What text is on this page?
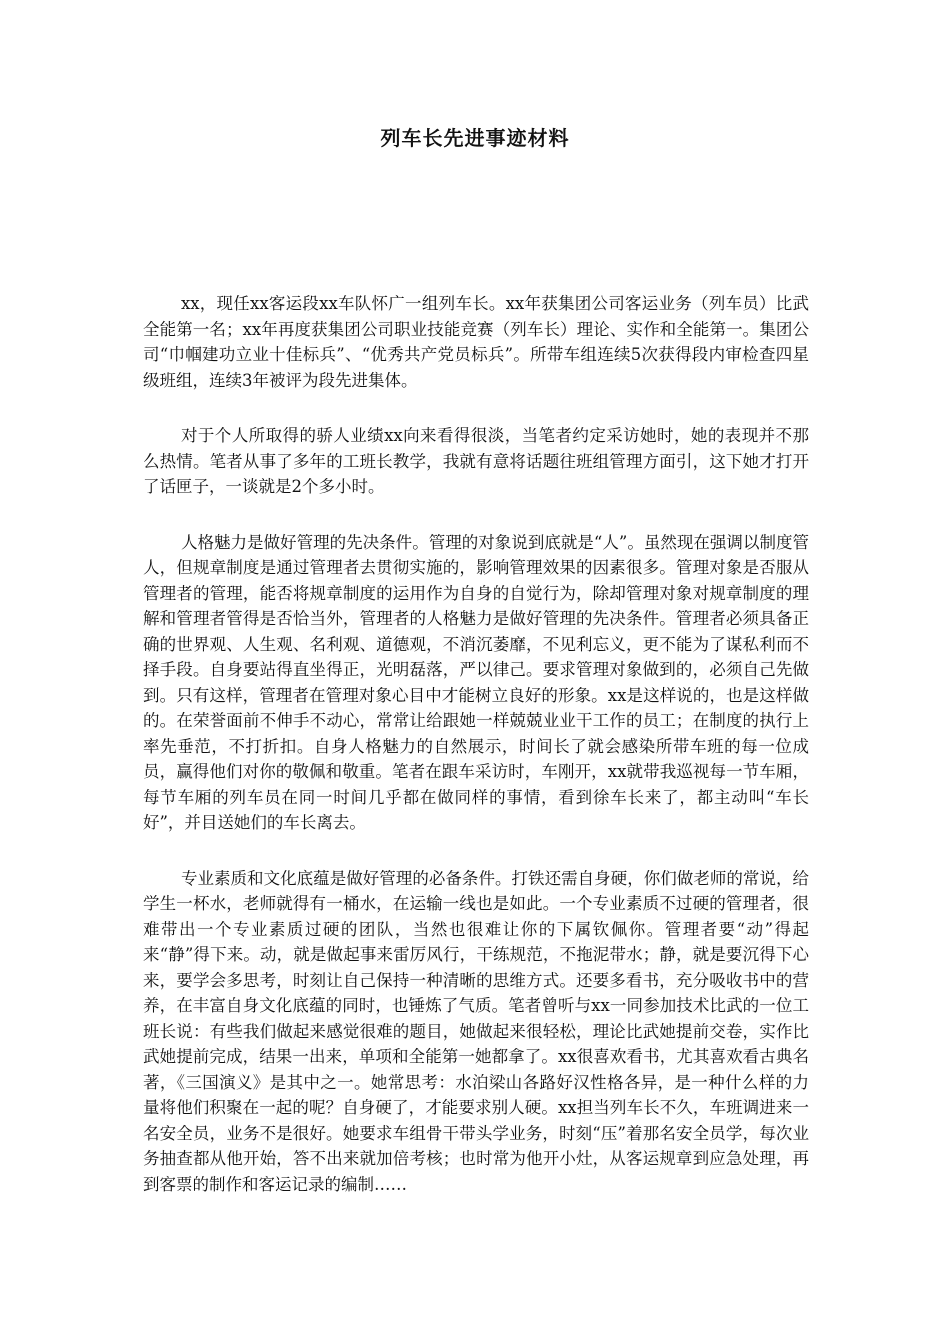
列车长先进事迹材料

xx，现任xx客运段xx车队怀广一组列车长。xx年获集团公司客运业务（列车员）比武全能第一名；xx年再度获集团公司职业技能竞赛（列车长）理论、实作和全能第一。集团公司“巾帼建功立业十佳标兵”、“优秀共产党员标兵”。所带车组连续5次获得段内审检查四星级班组，连续3年被评为段先进集体。

对于个人所取得的骄人业绩xx向来看得很淡，当笔者约定采访她时，她的表现并不那么热情。笔者从事了多年的工班长教学，我就有意将话题往班组管理方面引，这下她才打开了话匣子，一谈就是2个多小时。

人格魅力是做好管理的先决条件。管理的对象说到底就是“人”。虽然现在强调以制度管人，但规章制度是通过管理者去贯彻实施的，影响管理效果的因素很多。管理对象是否服从管理者的管理，能否将规章制度的运用作为自身的自觉行为，除却管理对象对规章制度的理解和管理者管得是否恰当外，管理者的人格魅力是做好管理的先决条件。管理者必须具备正确的世界观、人生观、名利观、道德观，不消沉萎靡，不见利忘义，更不能为了谋私利而不择手段。自身要站得直坐得正，光明磊落，严以律己。要求管理对象做到的，必须自己先做到。只有这样，管理者在管理对象心目中才能树立良好的形象。xx是这样说的，也是这样做的。在荣誉面前不伸手不动心，常常让给跟她一样兢兢业业干工作的员工；在制度的执行上率先垂范，不打折扣。自身人格魅力的自然展示，时间长了就会感染所带车班的每一位成员，赢得他们对你的敬佩和敬重。笔者在跟车采访时，车刚开，xx就带我巡视每一节车厢，每节车厢的列车员在同一时间几乎都在做同样的事情，看到徐车长来了，都主动叫“车长好”，并目送她们的车长离去。

专业素质和文化底蕴是做好管理的必备条件。打铁还需自身硬，你们做老师的常说，给学生一杯水，老师就得有一桶水，在运输一线也是如此。一个专业素质不过硬的管理者，很难带出一个专业素质过硬的团队，当然也很难让你的下属钦佩你。管理者要“动”得起来“静”得下来。动，就是做起事来雷厉风行，干练规范，不拖泥带水；静，就是要沉得下心来，要学会多思考，时刻让自己保持一种清晰的思维方式。还要多看书，充分吸收书中的营养，在丰富自身文化底蕴的同时，也锤炼了气质。笔者曾听与xx一同参加技术比武的一位工班长说：有些我们做起来感觉很难的题目，她做起来很轻松，理论比武她提前交卷，实作比武她提前完成，结果一出来，单项和全能第一她都拿了。xx很喜欢看书，尤其喜欢看古典名著，《三国演义》是其中之一。她常思考：水泊梁山各路好汉性格各异，是一种什么样的力量将他们积聚在一起的呢？自身硬了，才能要求别人硬。xx担当列车长不久，车班调进来一名安全员，业务不是很好。她要求车组骨干带头学业务，时刻“压”着那名安全员学，每次业务抽查都从他开始，答不出来就加倍考核；也时常为他开小灶，从客运规章到应急处理，再到客票的制作和客运记录的编制……
